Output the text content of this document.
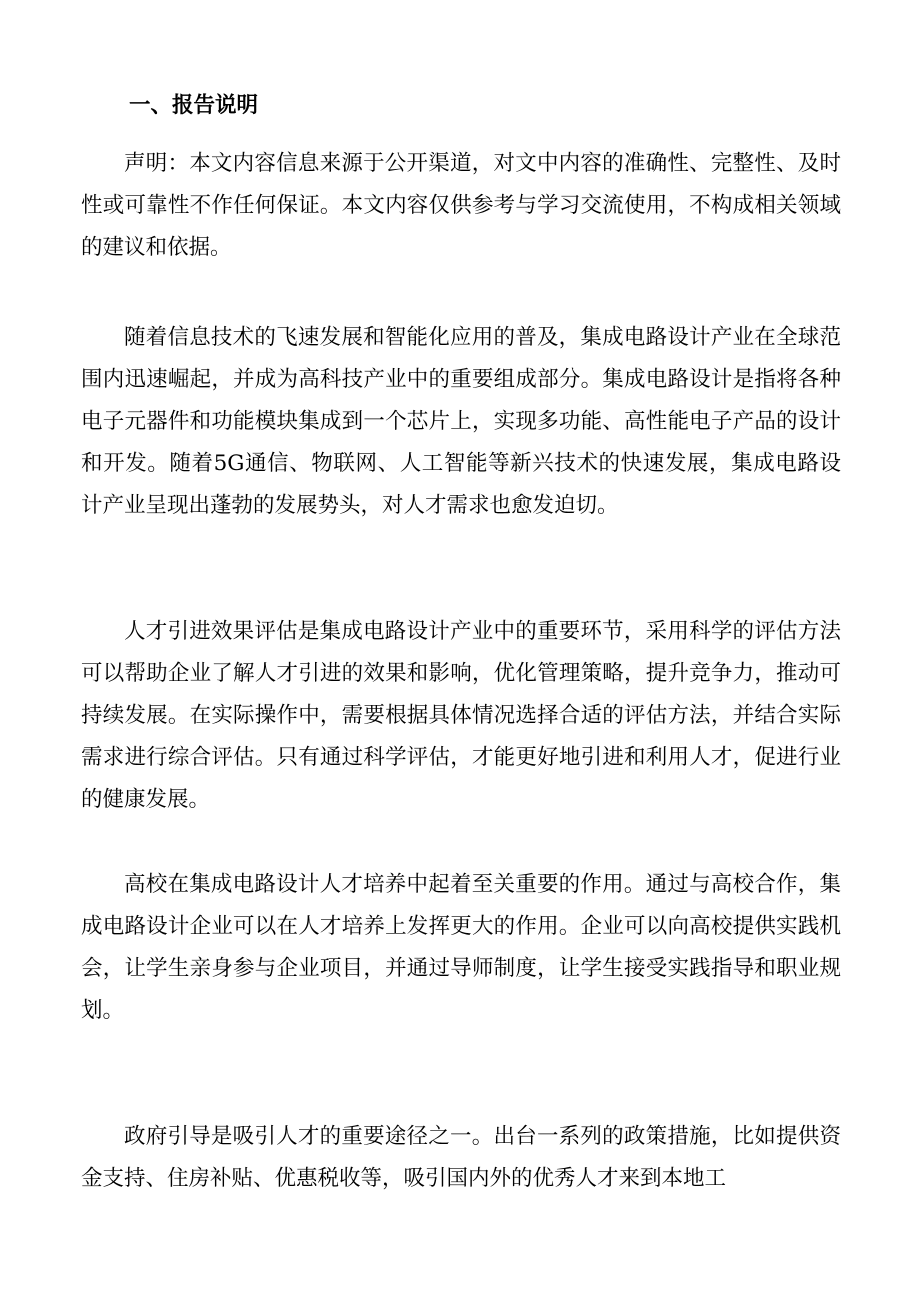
一、报告说明

声明：本文内容信息来源于公开渠道，对文中内容的准确性、完整性、及时性或可靠性不作任何保证。本文内容仅供参考与学习交流使用，不构成相关领域的建议和依据。

随着信息技术的飞速发展和智能化应用的普及，集成电路设计产业在全球范围内迅速崛起，并成为高科技产业中的重要组成部分。集成电路设计是指将各种电子元器件和功能模块集成到一个芯片上，实现多功能、高性能电子产品的设计和开发。随着5G通信、物联网、人工智能等新兴技术的快速发展，集成电路设计产业呈现出蓬勃的发展势头，对人才需求也愈发迫切。

人才引进效果评估是集成电路设计产业中的重要环节，采用科学的评估方法可以帮助企业了解人才引进的效果和影响，优化管理策略，提升竞争力，推动可持续发展。在实际操作中，需要根据具体情况选择合适的评估方法，并结合实际需求进行综合评估。只有通过科学评估，才能更好地引进和利用人才，促进行业的健康发展。

高校在集成电路设计人才培养中起着至关重要的作用。通过与高校合作，集成电路设计企业可以在人才培养上发挥更大的作用。企业可以向高校提供实践机会，让学生亲身参与企业项目，并通过导师制度，让学生接受实践指导和职业规划。

政府引导是吸引人才的重要途径之一。出台一系列的政策措施，比如提供资金支持、住房补贴、优惠税收等，吸引国内外的优秀人才来到本地工
